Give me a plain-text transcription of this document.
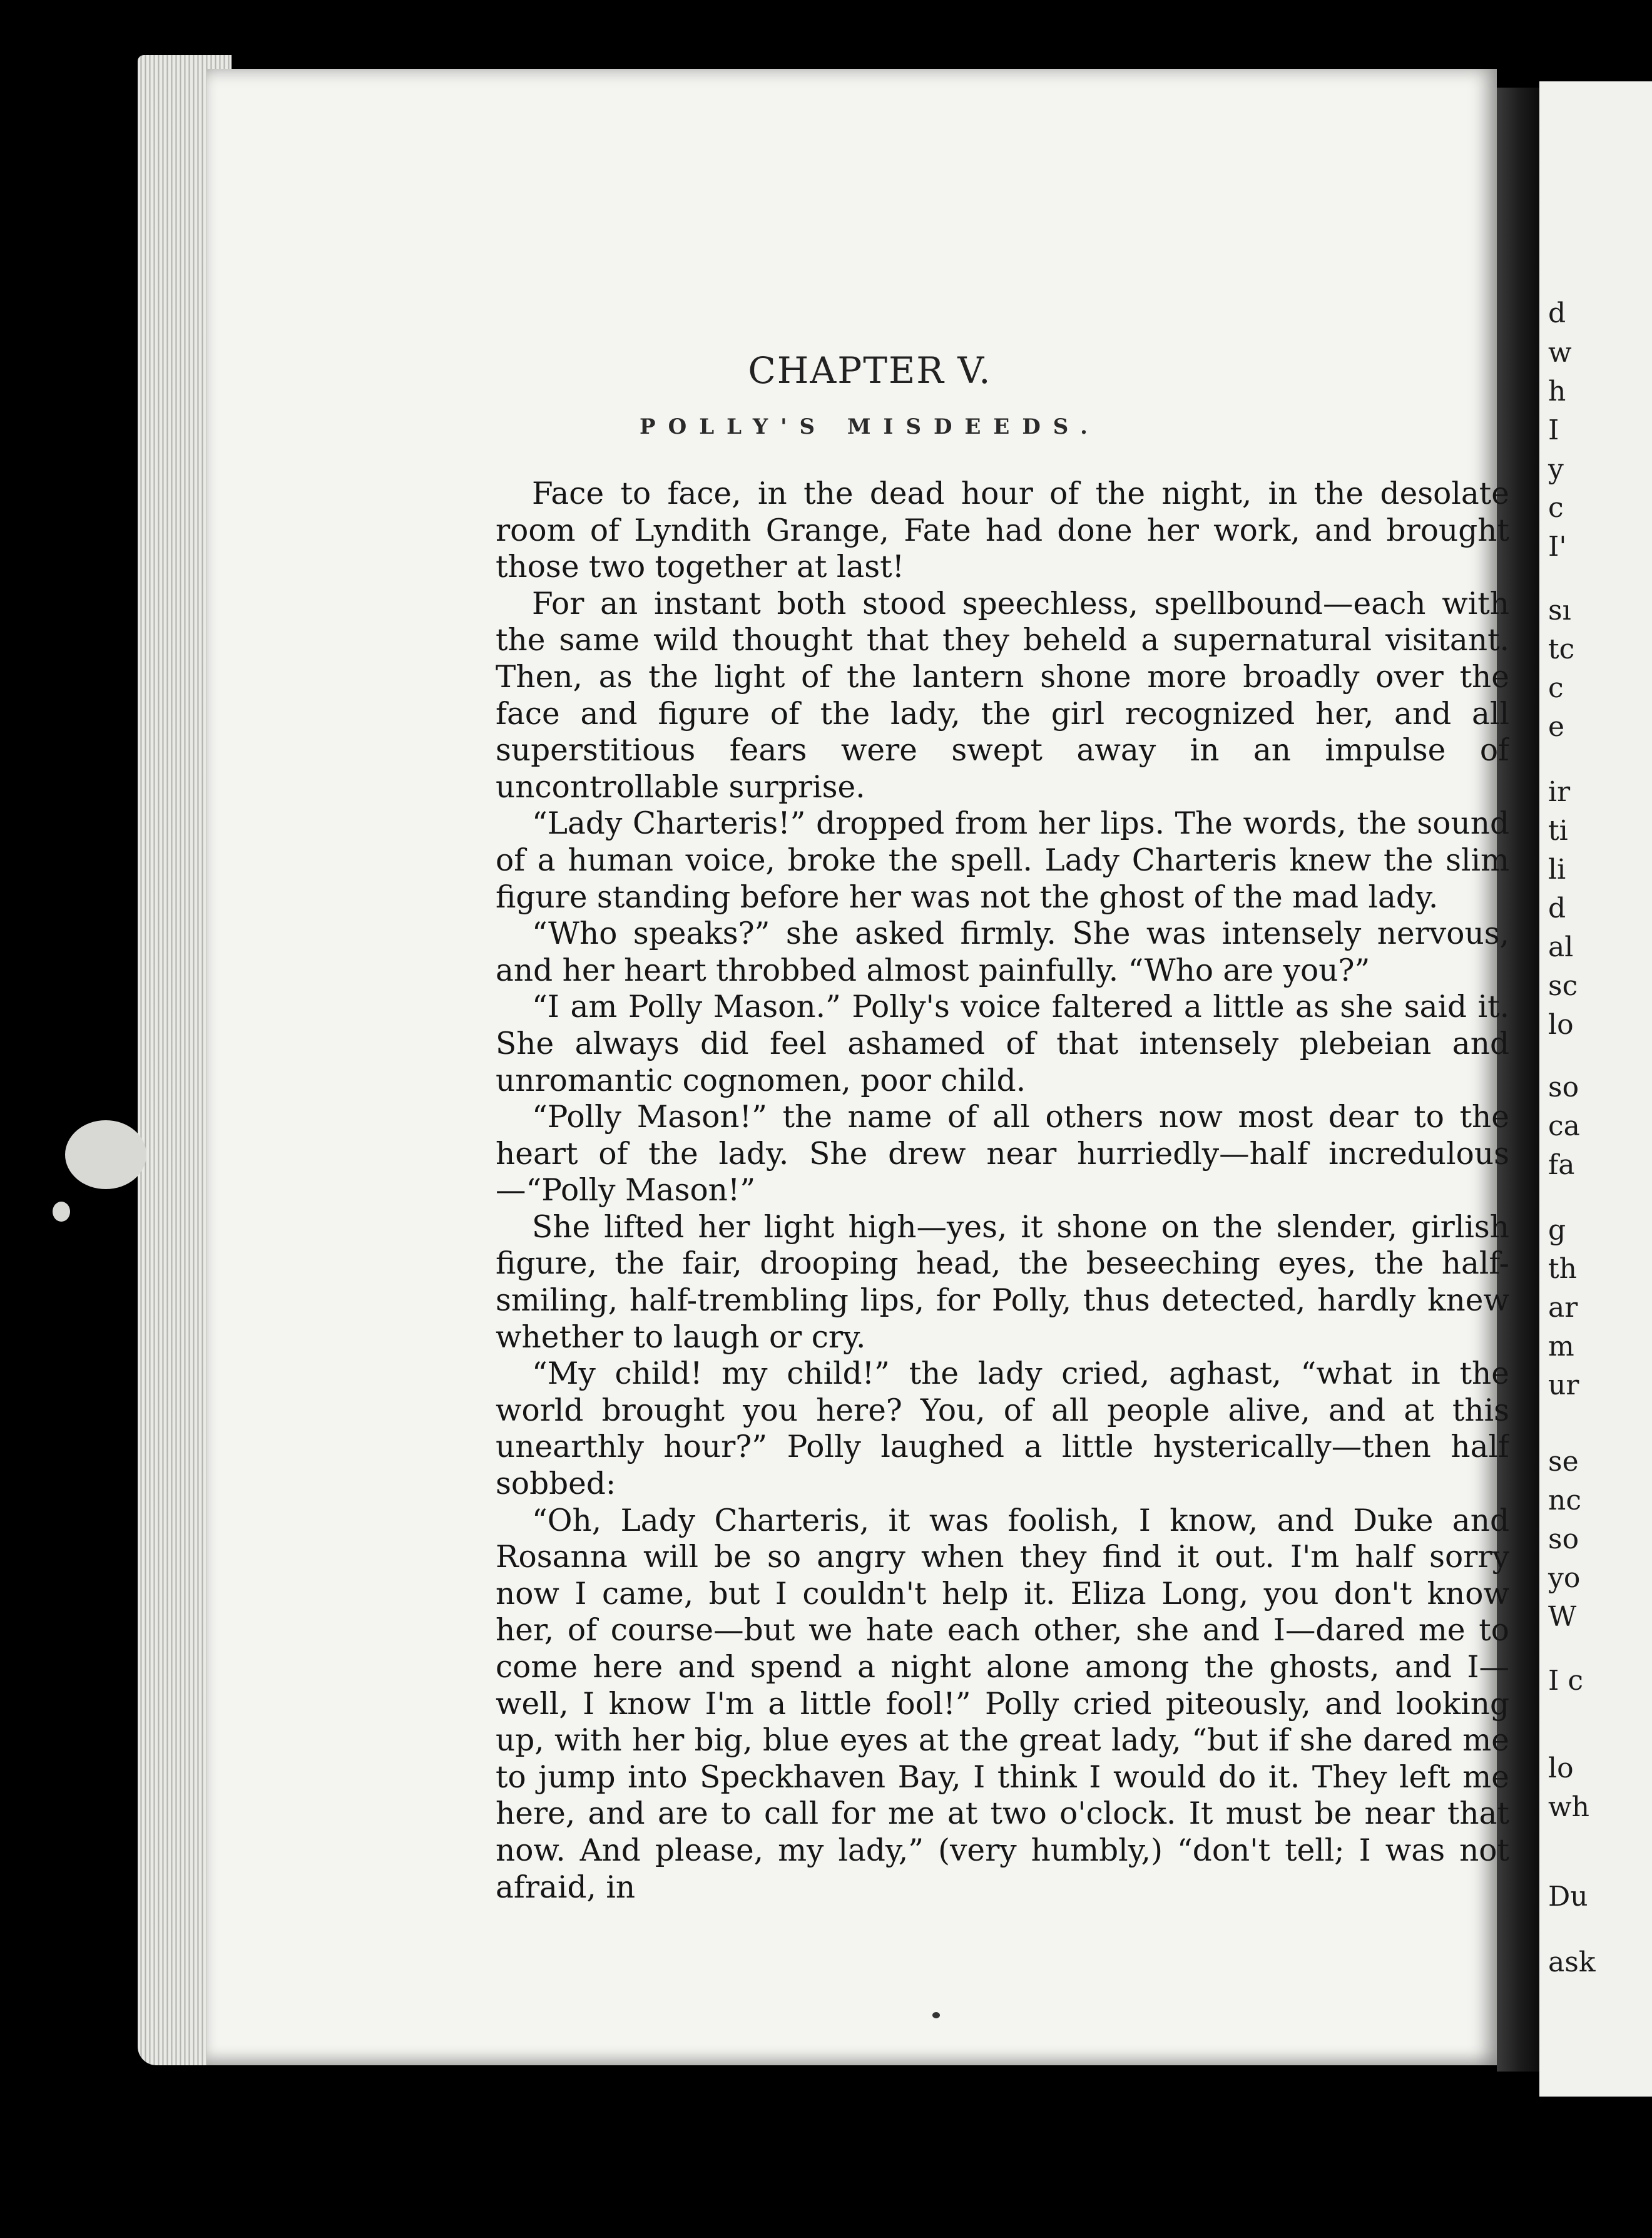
d
w
h
I
y
c
I'
sı
tc
c
e
ir
ti
li
d
al
sc
lo
so
ca
fa
g
th
ar
m
ur
se
nc
so
yo
W
I c
lo
wh
Du
ask
CHAPTER V.
POLLY'S MISDEEDS.

Face to face, in the dead hour of the night, in the desolate room of Lyndith Grange, Fate had done her work, and brought those two together at last!

For an instant both stood speechless, spellbound—each with the same wild thought that they beheld a supernatural visitant. Then, as the light of the lantern shone more broadly over the face and figure of the lady, the girl recognized her, and all superstitious fears were swept away in an impulse of uncontrollable surprise.

“Lady Charteris!” dropped from her lips. The words, the sound of a human voice, broke the spell. Lady Charteris knew the slim figure standing before her was not the ghost of the mad lady.

“Who speaks?” she asked firmly. She was intensely nervous, and her heart throbbed almost painfully. “Who are you?”

“I am Polly Mason.” Polly's voice faltered a little as she said it. She always did feel ashamed of that intensely plebeian and unromantic cognomen, poor child.

“Polly Mason!” the name of all others now most dear to the heart of the lady. She drew near hurriedly—half incredulous—“Polly Mason!”

She lifted her light high—yes, it shone on the slender, girlish figure, the fair, drooping head, the beseeching eyes, the half-smiling, half-trembling lips, for Polly, thus detected, hardly knew whether to laugh or cry.

“My child! my child!” the lady cried, aghast, “what in the world brought you here? You, of all people alive, and at this unearthly hour?” Polly laughed a little hysterically—then half sobbed:

“Oh, Lady Charteris, it was foolish, I know, and Duke and Rosanna will be so angry when they find it out. I'm half sorry now I came, but I couldn't help it. Eliza Long, you don't know her, of course—but we hate each other, she and I—dared me to come here and spend a night alone among the ghosts, and I—well, I know I'm a little fool!” Polly cried piteously, and looking up, with her big, blue eyes at the great lady, “but if she dared me to jump into Speckhaven Bay, I think I would do it. They left me here, and are to call for me at two o'clock. It must be near that now. And please, my lady,” (very humbly,) “don't tell; I was not afraid, in
